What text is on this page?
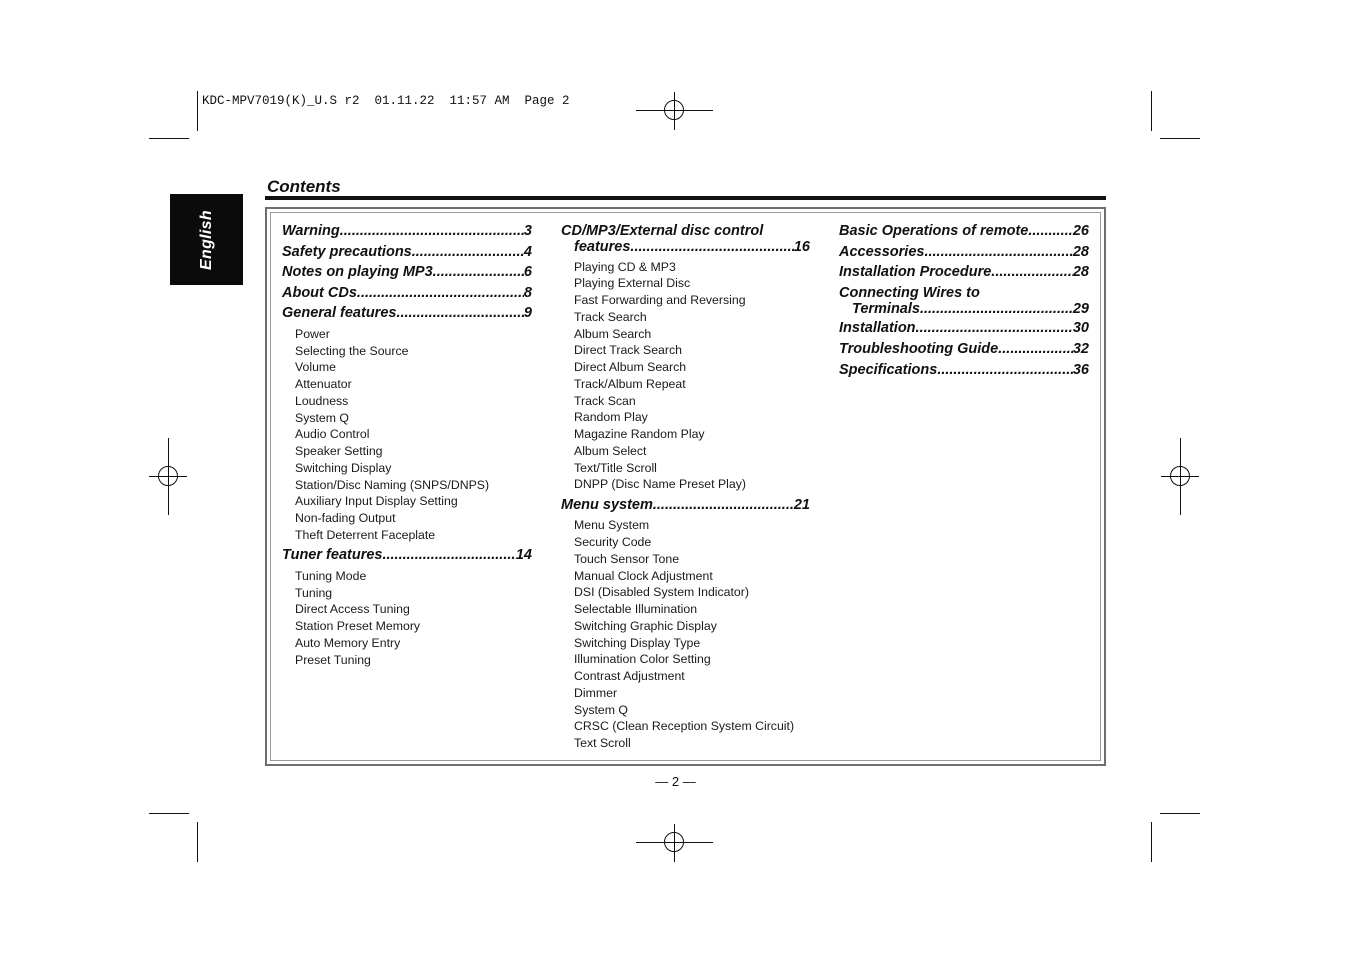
KDC-MPV7019(K)_U.S r2  01.11.22  11:57 AM  Page 2
English
Contents
Warning .....	3
Safety precautions .....	4
Notes on playing MP3 .....	6
About CDs .....	8
General features .....	9
Power
Selecting the Source
Volume
Attenuator
Loudness
System Q
Audio Control
Speaker Setting
Switching Display
Station/Disc Naming (SNPS/DNPS)
Auxiliary Input Display Setting
Non-fading Output
Theft Deterrent Faceplate
Tuner features .....	14
Tuning Mode
Tuning
Direct Access Tuning
Station Preset Memory
Auto Memory Entry
Preset Tuning
CD/MP3/External disc control
features .....	16
Playing CD & MP3
Playing External Disc
Fast Forwarding and Reversing
Track Search
Album Search
Direct Track Search
Direct Album Search
Track/Album Repeat
Track Scan
Random Play
Magazine Random Play
Album Select
Text/Title Scroll
DNPP (Disc Name Preset Play)
Menu system .....	21
Menu System
Security Code
Touch Sensor Tone
Manual Clock Adjustment
DSI (Disabled System Indicator)
Selectable Illumination
Switching Graphic Display
Switching Display Type
Illumination Color Setting
Contrast Adjustment
Dimmer
System Q
CRSC (Clean Reception System Circuit)
Text Scroll
Basic Operations of remote .....	26
Accessories .....	28
Installation Procedure .....	28
Connecting Wires to
Terminals .....	29
Installation .....	30
Troubleshooting Guide .....	32
Specifications .....	36
— 2 —
